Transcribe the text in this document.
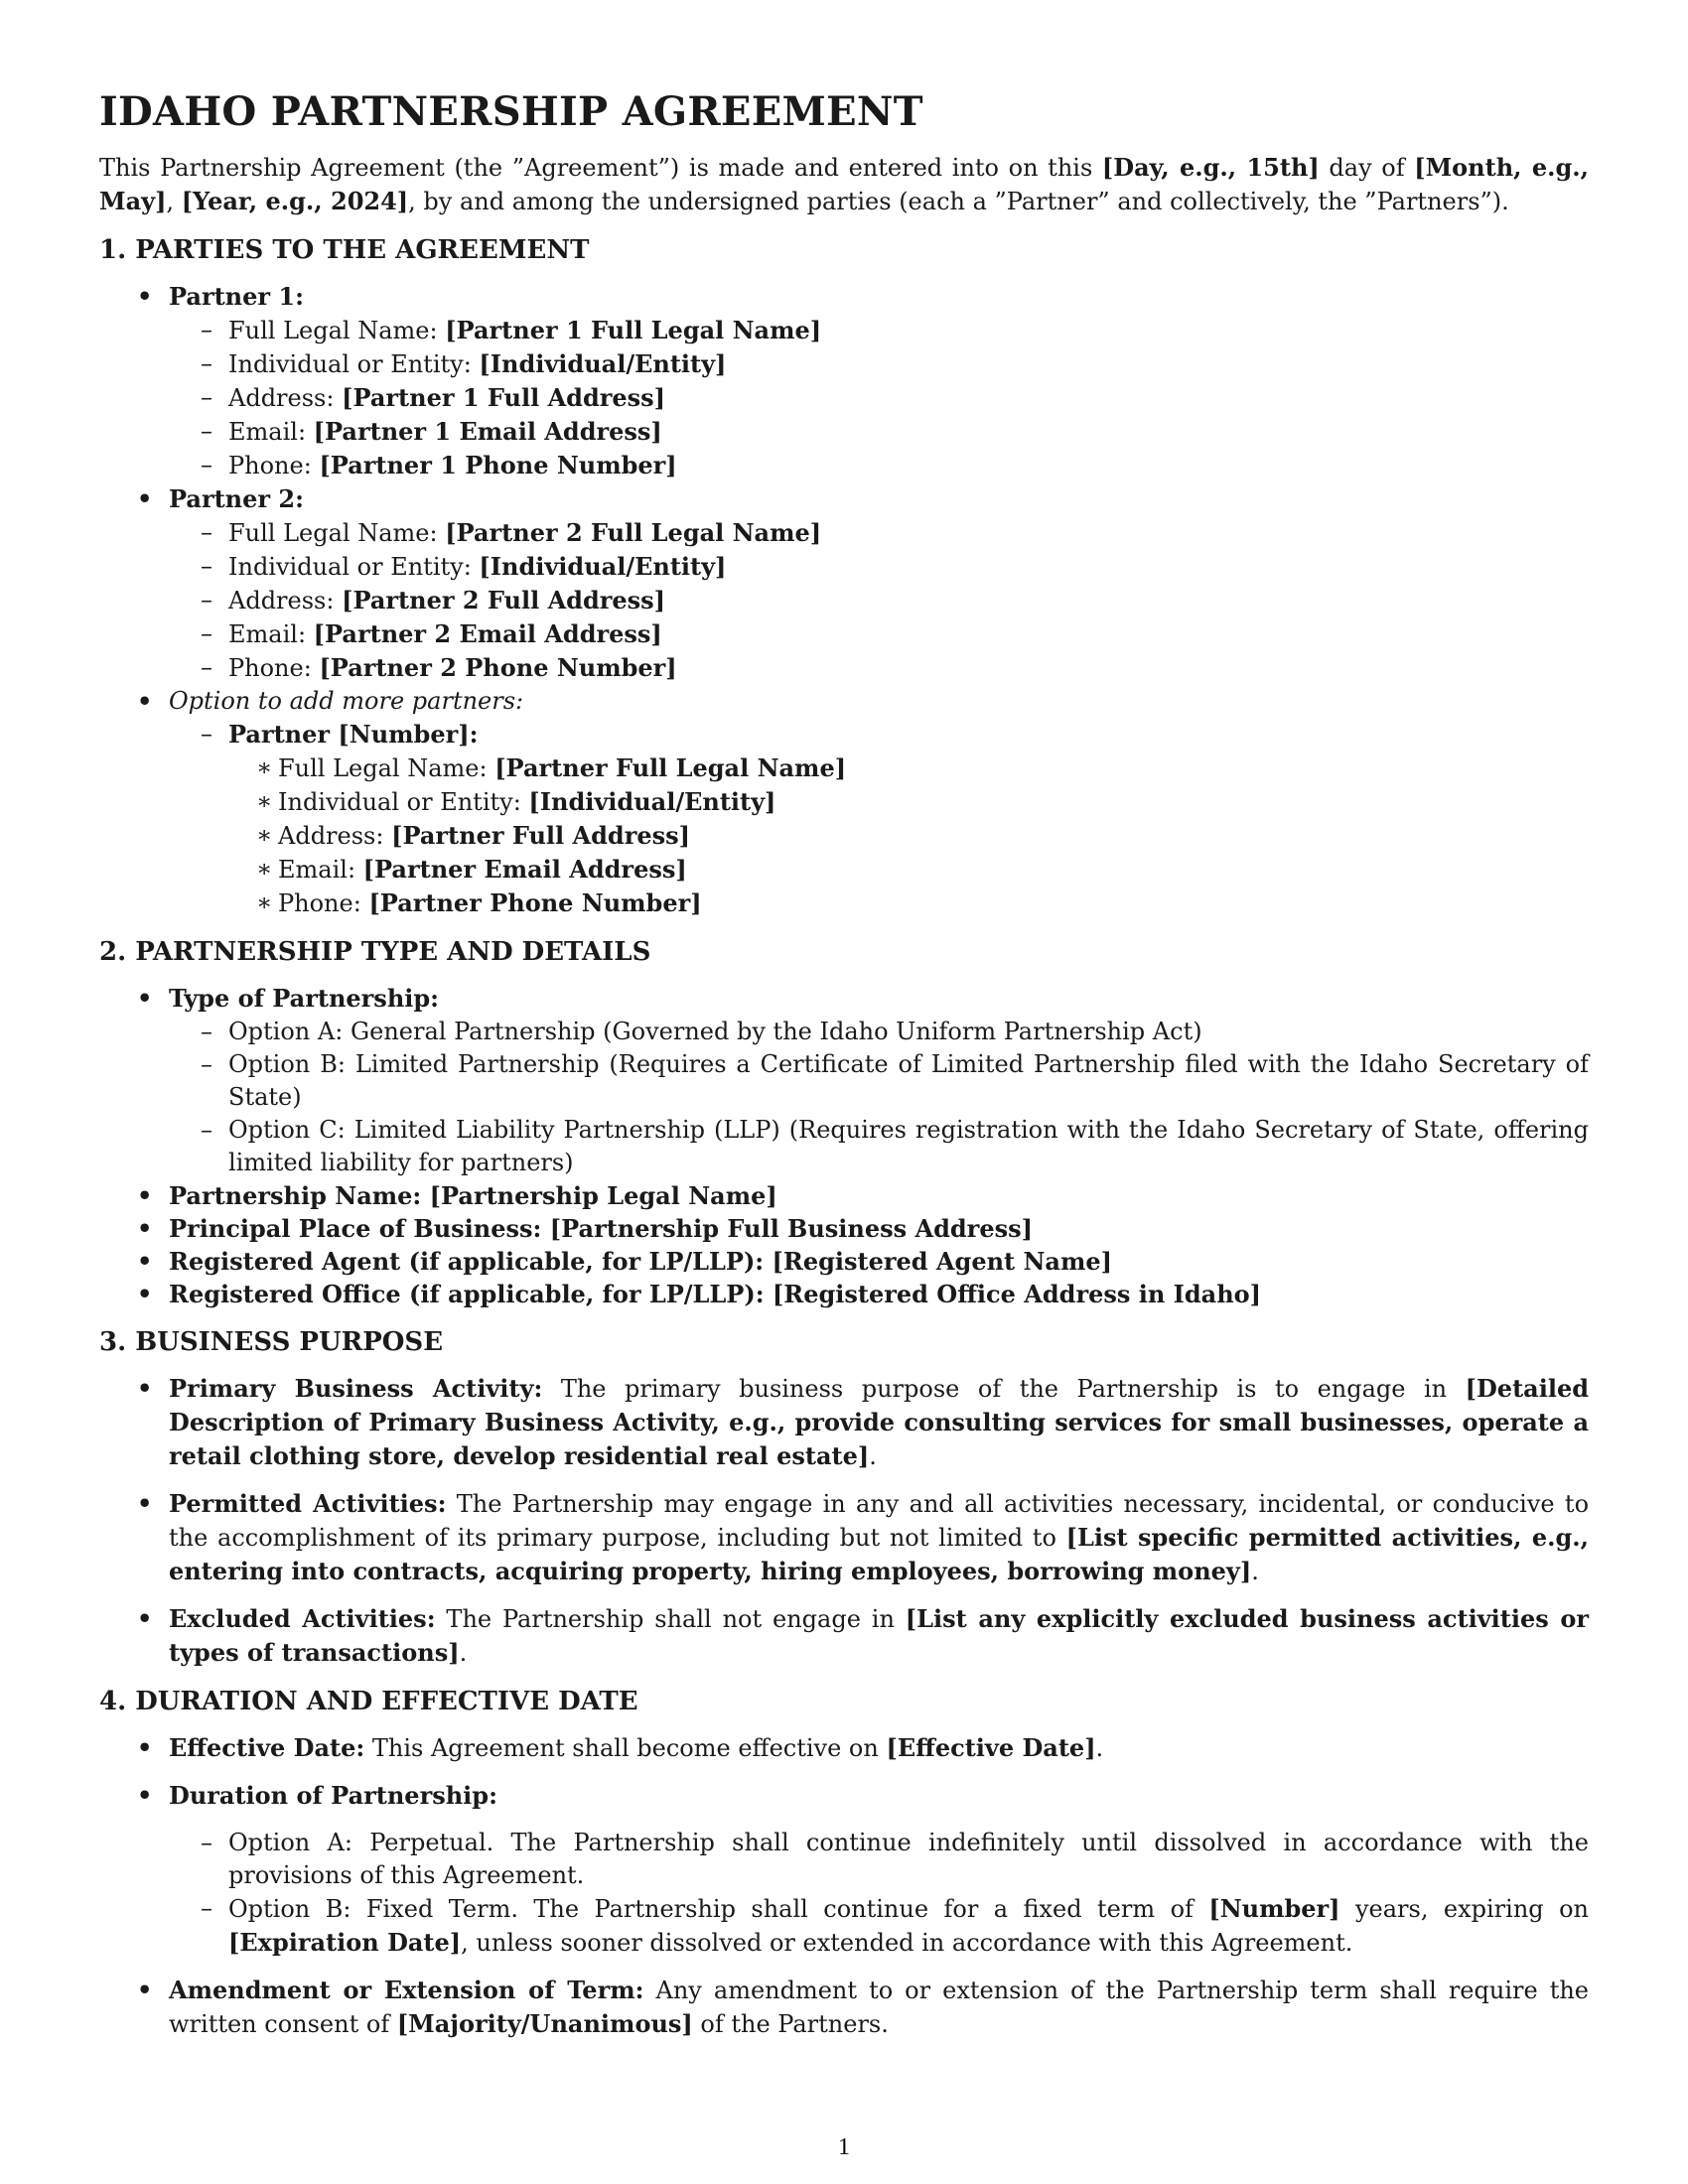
IDAHO PARTNERSHIP AGREEMENT

This Partnership Agreement (the ”Agreement”) is made and entered into on this [Day, e.g., 15th] day of [Month, e.g., May], [Year, e.g., 2024], by and among the undersigned parties (each a ”Partner” and collectively, the ”Partners”).

1. PARTIES TO THE AGREEMENT
• Partner 1:
– Full Legal Name: [Partner 1 Full Legal Name]
– Individual or Entity: [Individual/Entity]
– Address: [Partner 1 Full Address]
– Email: [Partner 1 Email Address]
– Phone: [Partner 1 Phone Number]
• Partner 2:
– Full Legal Name: [Partner 2 Full Legal Name]
– Individual or Entity: [Individual/Entity]
– Address: [Partner 2 Full Address]
– Email: [Partner 2 Email Address]
– Phone: [Partner 2 Phone Number]
• Option to add more partners:
– Partner [Number]:
∗ Full Legal Name: [Partner Full Legal Name]
∗ Individual or Entity: [Individual/Entity]
∗ Address: [Partner Full Address]
∗ Email: [Partner Email Address]
∗ Phone: [Partner Phone Number]
2. PARTNERSHIP TYPE AND DETAILS
• Type of Partnership:
– Option A: General Partnership (Governed by the Idaho Uniform Partnership Act)
– Option B: Limited Partnership (Requires a Certificate of Limited Partnership filed with the Idaho Secretary of State)
– Option C: Limited Liability Partnership (LLP) (Requires registration with the Idaho Secretary of State, offering limited liability for partners)
• Partnership Name: [Partnership Legal Name]
• Principal Place of Business: [Partnership Full Business Address]
• Registered Agent (if applicable, for LP/LLP): [Registered Agent Name]
• Registered Office (if applicable, for LP/LLP): [Registered Office Address in Idaho]
3. BUSINESS PURPOSE
• Primary Business Activity: The primary business purpose of the Partnership is to engage in [Detailed Description of Primary Business Activity, e.g., provide consulting services for small businesses, operate a retail clothing store, develop residential real estate].
• Permitted Activities: The Partnership may engage in any and all activities necessary, incidental, or conducive to the accomplishment of its primary purpose, including but not limited to [List specific permitted activities, e.g., entering into contracts, acquiring property, hiring employees, borrowing money].
• Excluded Activities: The Partnership shall not engage in [List any explicitly excluded business activities or types of transactions].
4. DURATION AND EFFECTIVE DATE
• Effective Date: This Agreement shall become effective on [Effective Date].
• Duration of Partnership:
– Option A: Perpetual. The Partnership shall continue indefinitely until dissolved in accordance with the provisions of this Agreement.
– Option B: Fixed Term. The Partnership shall continue for a fixed term of [Number] years, expiring on [Expiration Date], unless sooner dissolved or extended in accordance with this Agreement.
• Amendment or Extension of Term: Any amendment to or extension of the Partnership term shall require the written consent of [Majority/Unanimous] of the Partners.
1
